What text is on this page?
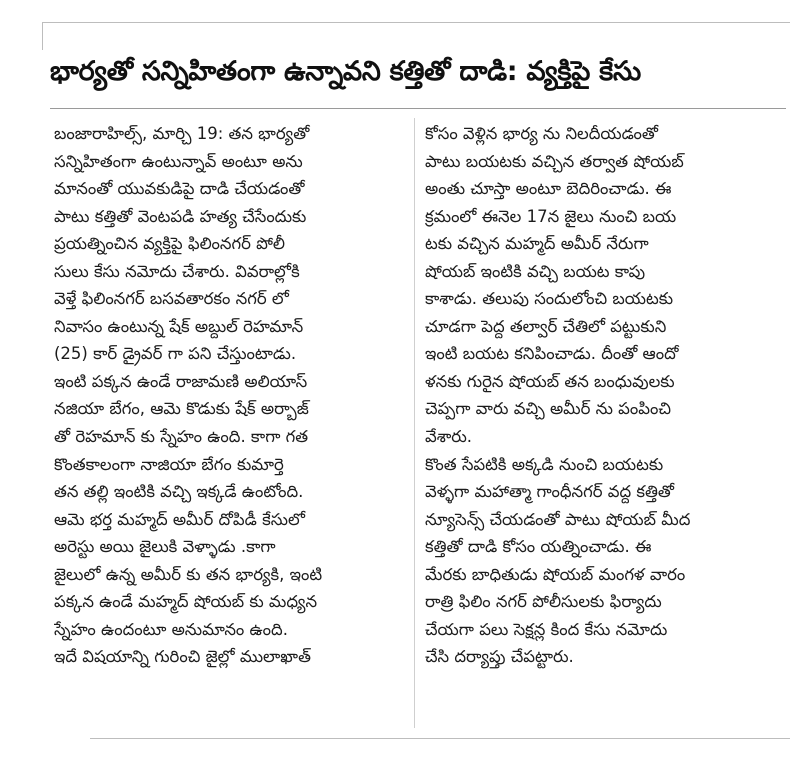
భార్యతో సన్నిహితంగా ఉన్నావని కత్తితో దాడి: వ్యక్తిపై కేసు
బంజారాహిల్స్, మార్చి 19: తన భార్యతో
సన్నిహితంగా ఉంటున్నావ్ అంటూ అను
మానంతో యువకుడిపై దాడి చేయడంతో
పాటు కత్తితో వెంటపడి హత్య చేసేందుకు
ప్రయత్నించిన వ్యక్తిపై ఫిలింనగర్ పోలీ
సులు కేసు నమోదు చేశారు. వివరాల్లోకి
వెళ్తే ఫిలింనగర్ బసవతారకం నగర్ లో
నివాసం ఉంటున్న షేక్ అబ్దుల్ రెహమాన్
(25) కార్ డ్రైవర్ గా పని చేస్తుంటాడు.
ఇంటి పక్కన ఉండే రాజామణి అలియాస్
నజియా బేగం, ఆమె కొడుకు షేక్ అర్బాజ్
తో రెహమాన్ కు స్నేహం ఉంది. కాగా గత
కొంతకాలంగా నాజియా బేగం కుమార్తె
తన తల్లి ఇంటికి వచ్చి ఇక్కడే ఉంటోంది.
ఆమె భర్త మహ్మద్ అమీర్ దోపిడీ కేసులో
అరెస్టు అయి జైలుకి వెళ్ళాడు .కాగా
జైలులో ఉన్న అమీర్ కు తన భార్యకి, ఇంటి
పక్కన ఉండే మహ్మద్ షోయబ్ కు మధ్యన
స్నేహం ఉందంటూ అనుమానం ఉంది.
ఇదే విషయాన్ని గురించి జైల్లో ములాఖాత్
కోసం వెళ్లిన భార్య ను నిలదీయడంతో
పాటు బయటకు వచ్చిన తర్వాత షోయబ్
అంతు చూస్తా అంటూ బెదిరించాడు. ఈ
క్రమంలో ఈనెల 17న జైలు నుంచి బయ
టకు వచ్చిన మహ్మద్ అమీర్ నేరుగా
షోయబ్ ఇంటికి వచ్చి బయట కాపు
కాశాడు. తలుపు సందులోంచి బయటకు
చూడగా పెద్ద తల్వార్ చేతిలో పట్టుకుని
ఇంటి బయట కనిపించాడు. దీంతో ఆందో
ళనకు గురైన షోయబ్ తన బంధువులకు
చెప్పగా వారు వచ్చి అమీర్ ను పంపించి
వేశారు.
కొంత సేపటికి అక్కడి నుంచి బయటకు
వెళ్ళగా మహాత్మా గాంధీనగర్ వద్ద కత్తితో
న్యూసెన్స్ చేయడంతో పాటు షోయబ్ మీద
కత్తితో దాడి కోసం యత్నించాడు. ఈ
మేరకు బాధితుడు షోయబ్ మంగళ వారం
రాత్రి ఫిలిం నగర్ పోలీసులకు ఫిర్యాదు
చేయగా పలు సెక్షన్ల కింద కేసు నమోదు
చేసి దర్యాప్తు చేపట్టారు.
